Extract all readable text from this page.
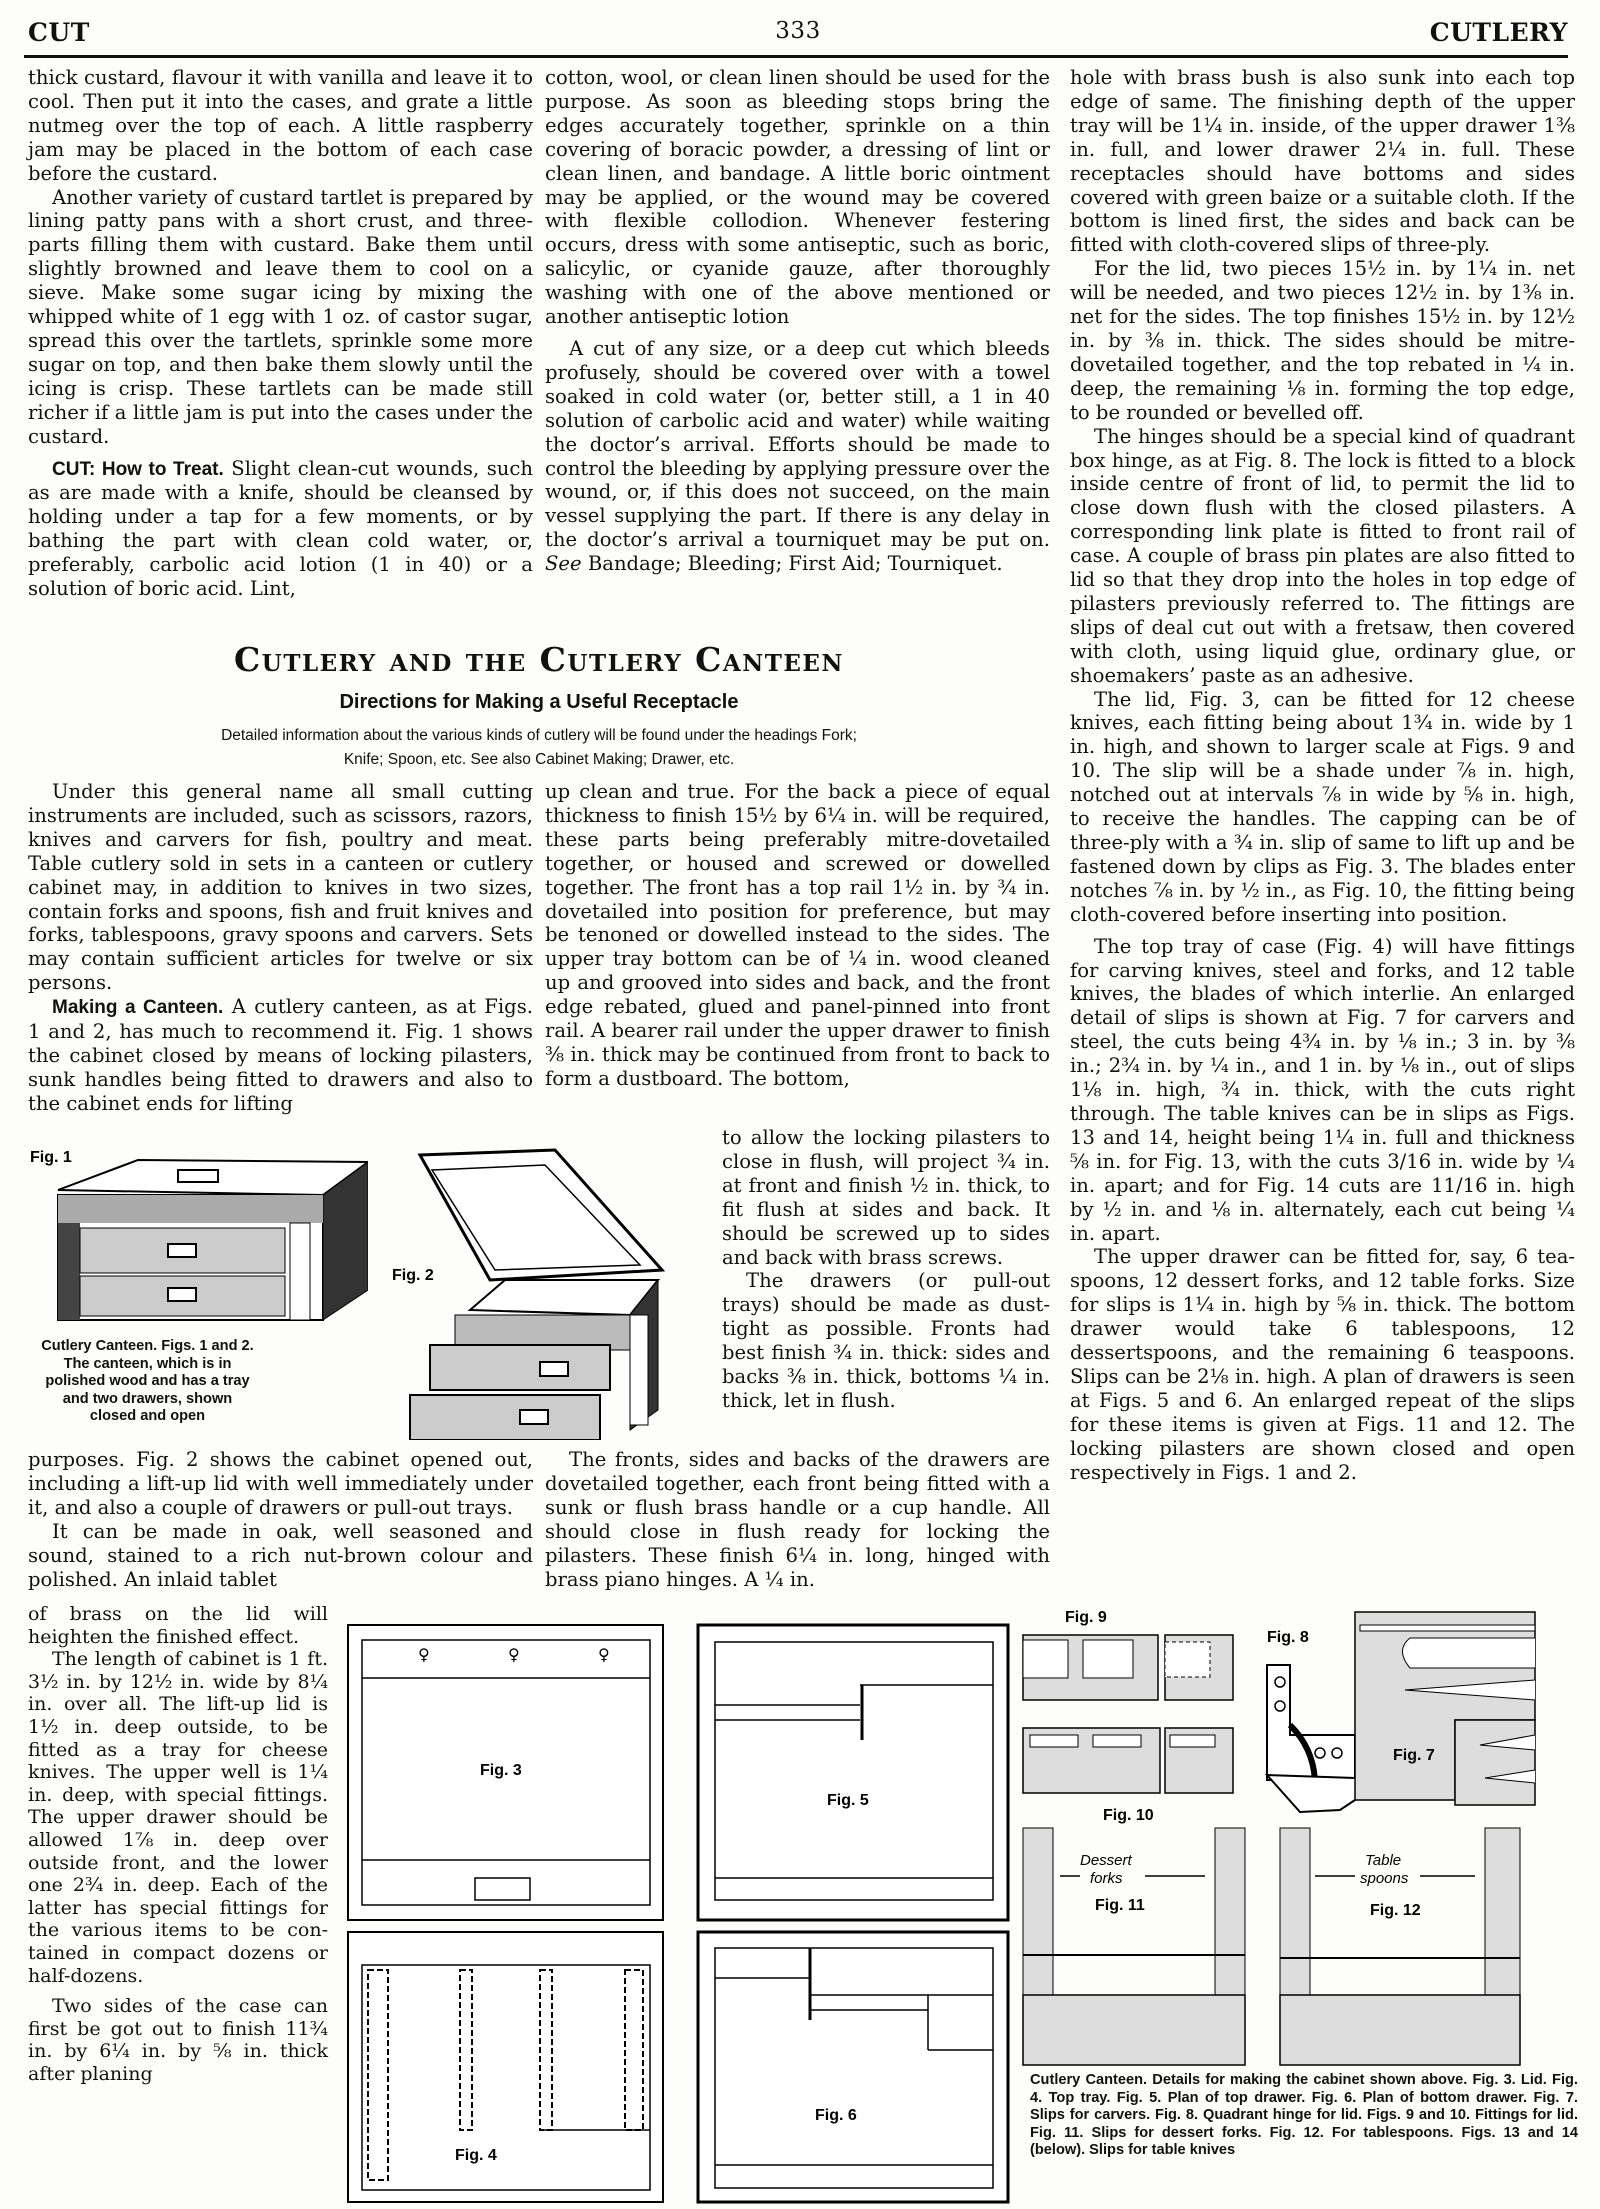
CUT	333	CUTLERY

thick custard, flavour it with vanilla and leave it to cool. Then put it into the cases, and grate a little nutmeg over the top of each. A little raspberry jam may be placed in the bottom of each case before the custard.

Another variety of custard tartlet is prepared by lining patty pans with a short crust, and three-parts filling them with custard. Bake them until slightly browned and leave them to cool on a sieve. Make some sugar icing by mixing the whipped white of 1 egg with 1 oz. of castor sugar, spread this over the tartlets, sprinkle some more sugar on top, and then bake them slowly until the icing is crisp. These tartlets can be made still richer if a little jam is put into the cases under the custard.

CUT: How to Treat. Slight clean-cut wounds, such as are made with a knife, should be cleansed by holding under a tap for a few moments, or by bathing the part with clean cold water, or, preferably, carbolic acid lotion (1 in 40) or a solution of boric acid. Lint,

cotton, wool, or clean linen should be used for the purpose. As soon as bleeding stops bring the edges accurately together, sprinkle on a thin covering of boracic powder, a dressing of lint or clean linen, and bandage. A little boric ointment may be applied, or the wound may be covered with flexible collodion. Whenever festering occurs, dress with some antiseptic, such as boric, salicylic, or cyanide gauze, after thoroughly washing with one of the above mentioned or another antiseptic lotion

A cut of any size, or a deep cut which bleeds profusely, should be covered over with a towel soaked in cold water (or, better still, a 1 in 40 solution of carbolic acid and water) while waiting the doctor’s arrival. Efforts should be made to control the bleeding by applying pressure over the wound, or, if this does not succeed, on the main vessel supplying the part. If there is any delay in the doctor’s arrival a tourniquet may be put on. See Bandage; Bleeding; First Aid; Tourniquet.

Cutlery and the Cutlery Canteen
Directions for Making a Useful Receptacle
Detailed information about the various kinds of cutlery will be found under the headings Fork;
Knife; Spoon, etc. See also Cabinet Making; Drawer, etc.

Under this general name all small cutting instruments are included, such as scissors, razors, knives and carvers for fish, poultry and meat. Table cutlery sold in sets in a canteen or cutlery cabinet may, in addition to knives in two sizes, contain forks and spoons, fish and fruit knives and forks, tablespoons, gravy spoons and carvers. Sets may contain sufficient articles for twelve or six persons.

Making a Canteen. A cutlery canteen, as at Figs. 1 and 2, has much to recommend it. Fig. 1 shows the cabinet closed by means of locking pilasters, sunk handles being fitted to drawers and also to the cabinet ends for lifting

up clean and true. For the back a piece of equal thickness to finish 15½ by 6¼ in. will be required, these parts being preferably mitre-dovetailed together, or housed and screwed or dowelled together. The front has a top rail 1½ in. by ¾ in. dovetailed into position for preference, but may be tenoned or dowelled instead to the sides. The upper tray bottom can be of ¼ in. wood cleaned up and grooved into sides and back, and the front edge rebated, glued and panel-pinned into front rail. A bearer rail under the upper drawer to finish ⅜ in. thick may be continued from front to back to form a dustboard. The bottom,

to allow the locking pilasters to close in flush, will project ¾ in. at front and finish ½ in. thick, to fit flush at sides and back. It should be screwed up to sides and back with brass screws.

The drawers (or pull-out trays) should be made as dust-tight as possible. Fronts had best finish ¾ in. thick: sides and backs ⅜ in. thick, bottoms ¼ in. thick, let in flush.

Fig. 1
Fig. 2
Cutlery Canteen. Figs. 1 and 2. The canteen, which is in polished wood and has a tray and two drawers, shown closed and open

purposes. Fig. 2 shows the cabinet opened out, including a lift-up lid with well immediately under it, and also a couple of drawers or pull-out trays.

It can be made in oak, well seasoned and sound, stained to a rich nut-brown colour and polished. An inlaid tablet

The fronts, sides and backs of the drawers are dovetailed together, each front being fitted with a sunk or flush brass handle or a cup handle. All should close in flush ready for locking the pilasters. These finish 6¼ in. long, hinged with brass piano hinges. A ¼ in.

of brass on the lid will heighten the finished effect.

The length of cabinet is 1 ft. 3½ in. by 12½ in. wide by 8¼ in. over all. The lift-up lid is 1½ in. deep outside, to be fitted as a tray for cheese knives. The upper well is 1¼ in. deep, with special fittings. The upper drawer should be allowed 1⅞ in. deep over outside front, and the lower one 2¾ in. deep. Each of the latter has special fittings for the various items to be contained in compact dozens or half-dozens.

Two sides of the case can first be got out to finish 11¾ in. by 6¼ in. by ⅝ in. thick after planing

♀	♀	♀
Fig. 3
Fig. 5
Fig. 4
Fig. 6
Fig. 9
Fig. 10
Fig. 8
Fig. 7
Dessert
forks
Fig. 11
Table
spoons
Fig. 12

hole with brass bush is also sunk into each top edge of same. The finishing depth of the upper tray will be 1¼ in. inside, of the upper drawer 1⅜ in. full, and lower drawer 2¼ in. full. These receptacles should have bottoms and sides covered with green baize or a suitable cloth. If the bottom is lined first, the sides and back can be fitted with cloth-covered slips of three-ply.

For the lid, two pieces 15½ in. by 1¼ in. net will be needed, and two pieces 12½ in. by 1⅜ in. net for the sides. The top finishes 15½ in. by 12½ in. by ⅜ in. thick. The sides should be mitre-dovetailed together, and the top rebated in ¼ in. deep, the remaining ⅛ in. forming the top edge, to be rounded or bevelled off.

The hinges should be a special kind of quadrant box hinge, as at Fig. 8. The lock is fitted to a block inside centre of front of lid, to permit the lid to close down flush with the closed pilasters. A corresponding link plate is fitted to front rail of case. A couple of brass pin plates are also fitted to lid so that they drop into the holes in top edge of pilasters previously referred to. The fittings are slips of deal cut out with a fretsaw, then covered with cloth, using liquid glue, ordinary glue, or shoemakers’ paste as an adhesive.

The lid, Fig. 3, can be fitted for 12 cheese knives, each fitting being about 1¾ in. wide by 1 in. high, and shown to larger scale at Figs. 9 and 10. The slip will be a shade under ⅞ in. high, notched out at intervals ⅞ in wide by ⅝ in. high, to receive the handles. The capping can be of three-ply with a ¾ in. slip of same to lift up and be fastened down by clips as Fig. 3. The blades enter notches ⅞ in. by ½ in., as Fig. 10, the fitting being cloth-covered before inserting into position.

The top tray of case (Fig. 4) will have fittings for carving knives, steel and forks, and 12 table knives, the blades of which interlie. An enlarged detail of slips is shown at Fig. 7 for carvers and steel, the cuts being 4¾ in. by ⅛ in.; 3 in. by ⅜ in.; 2¾ in. by ¼ in., and 1 in. by ⅛ in., out of slips 1⅛ in. high, ¾ in. thick, with the cuts right through. The table knives can be in slips as Figs. 13 and 14, height being 1¼ in. full and thickness ⅝ in. for Fig. 13, with the cuts 3/16 in. wide by ¼ in. apart; and for Fig. 14 cuts are 11/16 in. high by ½ in. and ⅛ in. alternately, each cut being ¼ in. apart.

The upper drawer can be fitted for, say, 6 teaspoons, 12 dessert forks, and 12 table forks. Size for slips is 1¼ in. high by ⅝ in. thick. The bottom drawer would take 6 tablespoons, 12 dessertspoons, and the remaining 6 teaspoons. Slips can be 2⅛ in. high. A plan of drawers is seen at Figs. 5 and 6. An enlarged repeat of the slips for these items is given at Figs. 11 and 12. The locking pilasters are shown closed and open respectively in Figs. 1 and 2.

Cutlery Canteen. Details for making the cabinet shown above. Fig. 3. Lid. Fig. 4. Top tray. Fig. 5. Plan of top drawer. Fig. 6. Plan of bottom drawer. Fig. 7. Slips for carvers. Fig. 8. Quadrant hinge for lid. Figs. 9 and 10. Fittings for lid. Fig. 11. Slips for dessert forks. Fig. 12. For tablespoons. Figs. 13 and 14 (below). Slips for table knives
